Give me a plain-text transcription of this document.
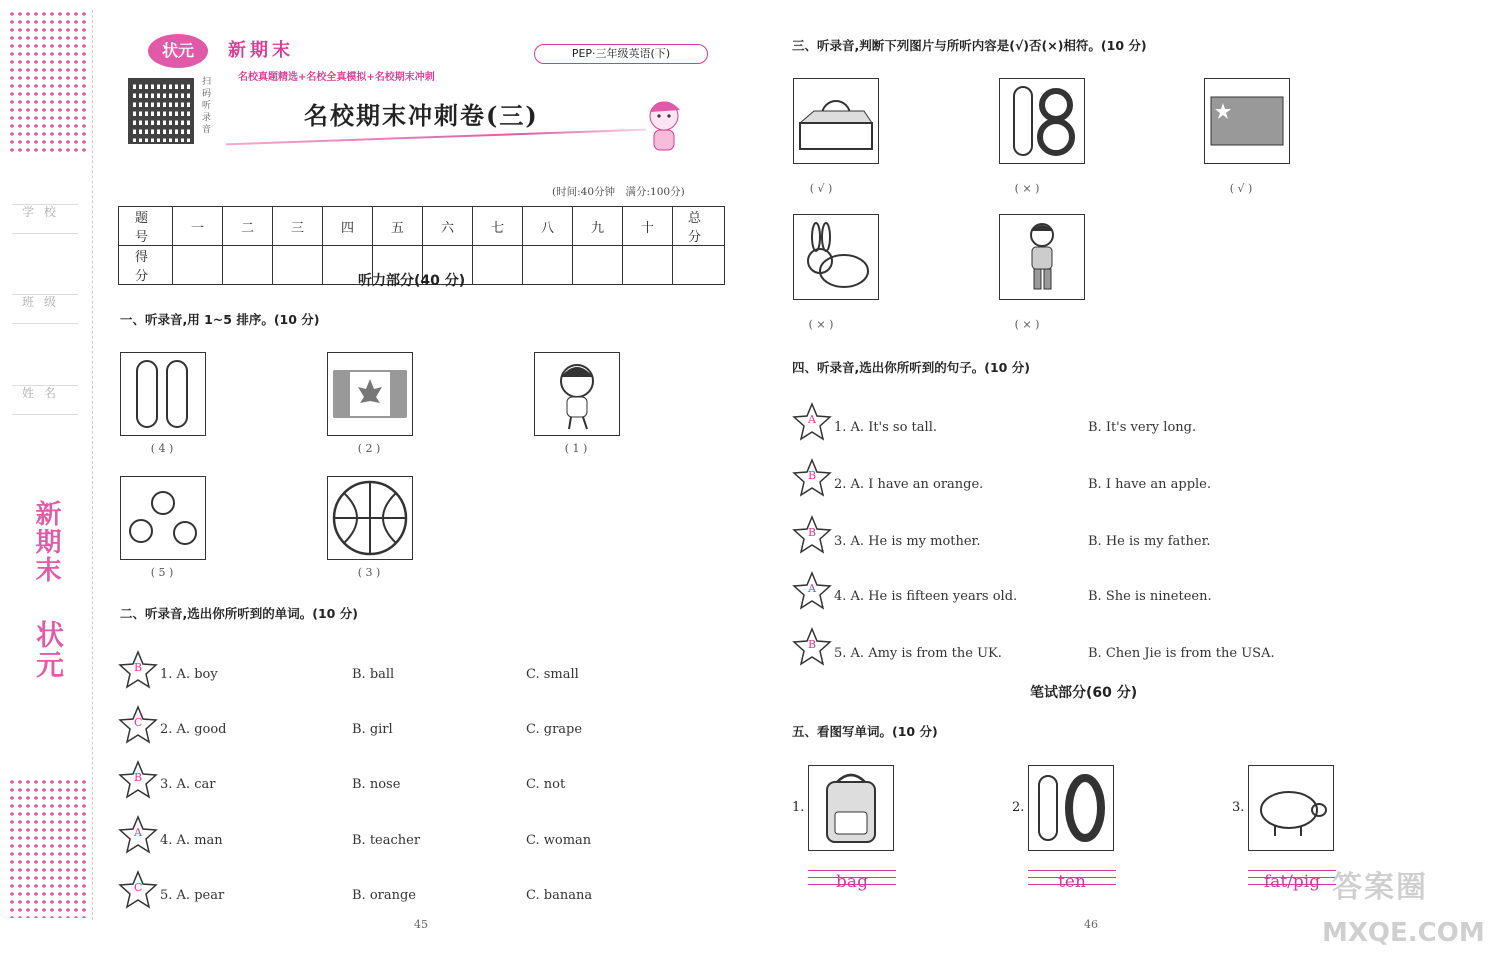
学校
班级
姓名
新期末
状元
状元	新期末
名校真题精选+名校全真模拟+名校期末冲刺
PEP·三年级英语(下)
扫码听录音	名校期末冲刺卷(三)
(时间:40分钟　满分:100分)
题　号	一	二	三	四	五	六	七	八	九	十	总 分
得　分												听力部分(40 分)
一、听录音,用 1~5 排序。(10 分)
( 4 )	( 2 )	( 1 )
( 5 )	( 3 )
二、听录音,选出你所听到的单词。(10 分)
B 1. A. boy	B. ball	C. small
C 2. A. good	B. girl	C. grape
B 3. A. car	B. nose	C. not
A
4. A. man	B. teacher	C. woman
C
5. A. pear	B. orange	C. banana
45
三、听录音,判断下列图片与所听内容是(√)否(×)相符。(10 分)
( √ )	( × )	( √ )
( × )	( × )
四、听录音,选出你所听到的句子。(10 分)
A
1. A. It's so tall.	B. It's very long.
B
2. A. I have an orange.	B. I have an apple.
B
3. A. He is my mother.	B. He is my father.
A
4. A. He is fifteen years old.	B. She is nineteen.
B
5. A. Amy is from the UK.	B. Chen Jie is from the USA.
笔试部分(60 分)
五、看图写单词。(10 分)
1.
bag
2.
ten
3.
fat/pig
46
答案圈
MXQE.COM
